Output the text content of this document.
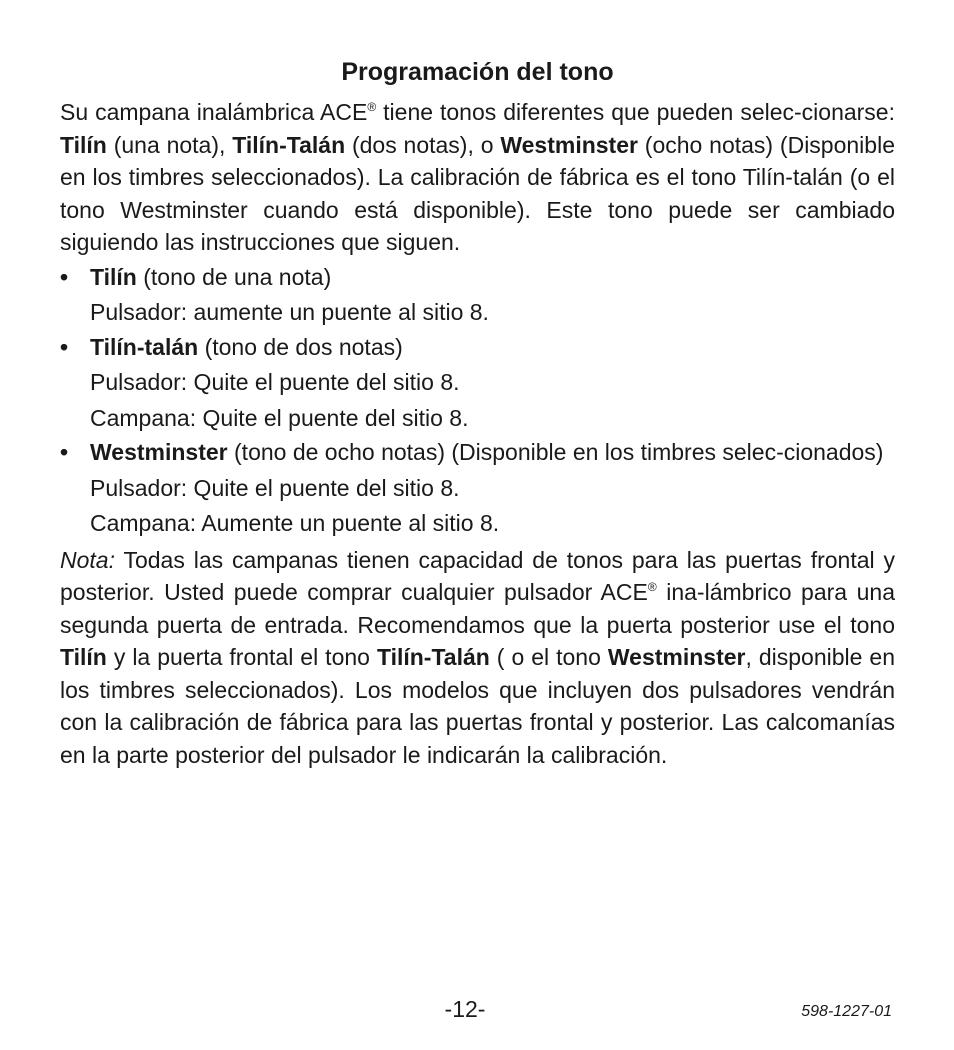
Programación del tono

Su campana inalámbrica ACE® tiene tonos diferentes que pueden selec-cionarse: Tilín (una nota), Tilín-Talán (dos notas), o Westminster (ocho notas) (Disponible en los timbres seleccionados). La calibración de fábrica es el tono Tilín-talán (o el tono Westminster cuando está disponible). Este tono puede ser cambiado siguiendo las instrucciones que siguen.

• Tilín (tono de una nota)
Pulsador: aumente un puente al sitio 8.
• Tilín-talán (tono de dos notas)
Pulsador: Quite el puente del sitio 8.
Campana: Quite el puente del sitio 8.
• Westminster (tono de ocho notas) (Disponible en los timbres selec-cionados)
Pulsador: Quite el puente del sitio 8.
Campana: Aumente un puente al sitio 8.

Nota: Todas las campanas tienen capacidad de tonos para las puertas frontal y posterior. Usted puede comprar cualquier pulsador ACE® ina-lámbrico para una segunda puerta de entrada. Recomendamos que la puerta posterior use el tono Tilín y la puerta frontal el tono Tilín-Talán ( o el tono Westminster, disponible en los timbres seleccionados). Los modelos que incluyen dos pulsadores vendrán con la calibración de fábrica para las puertas frontal y posterior. Las calcomanías en la parte posterior del pulsador le indicarán la calibración.

-12-	598-1227-01
